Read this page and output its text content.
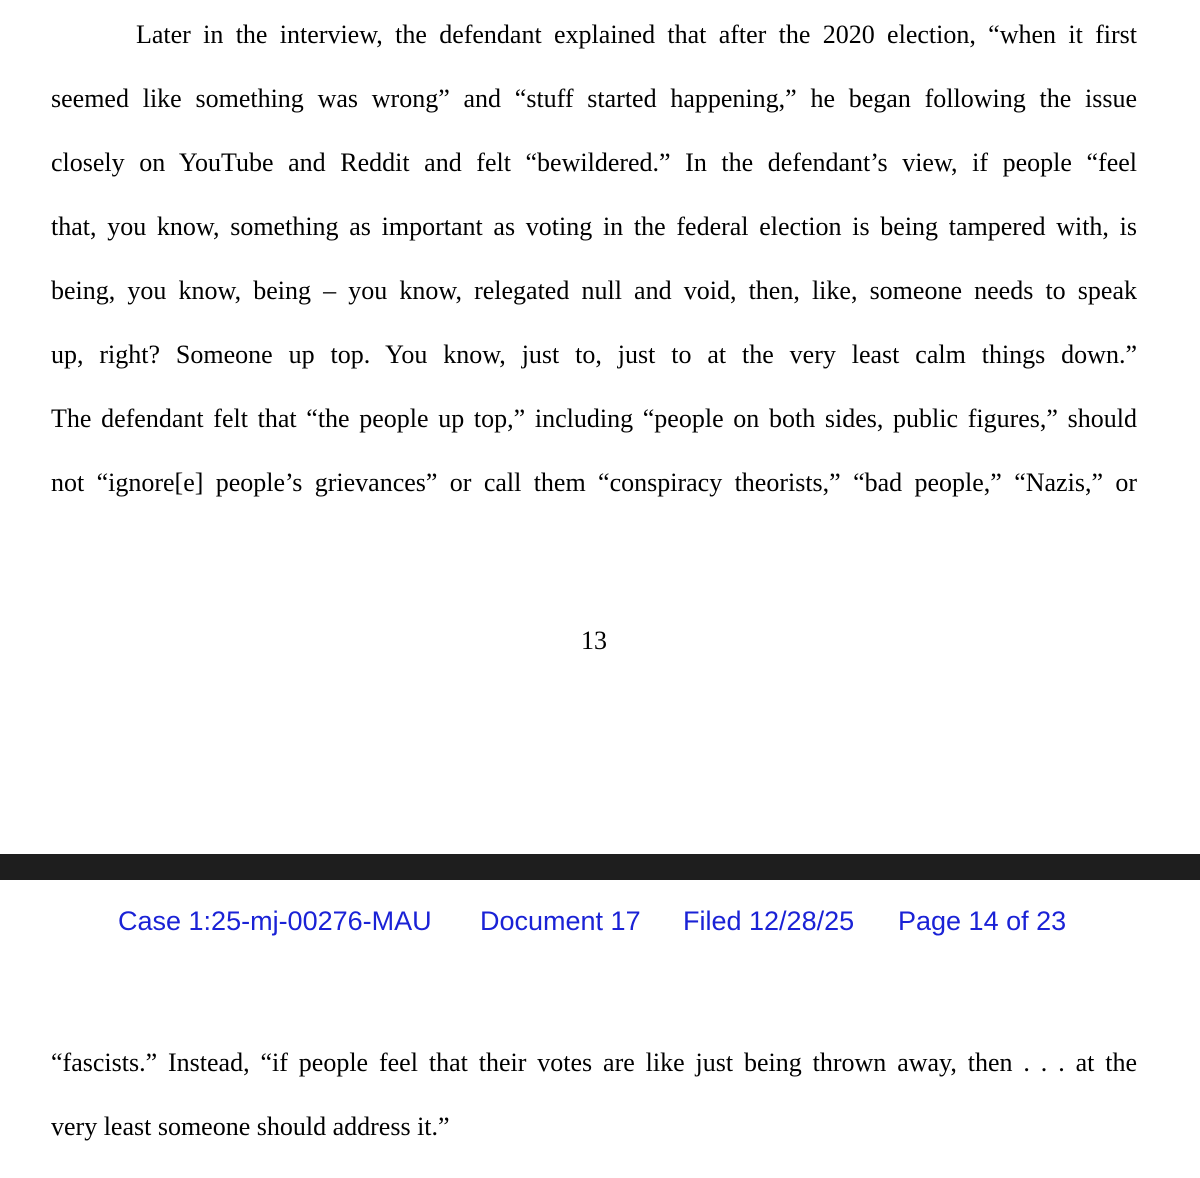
Later in the interview, the defendant explained that after the 2020 election, “when it first
seemed like something was wrong” and “stuff started happening,” he began following the issue
closely on YouTube and Reddit and felt “bewildered.” In the defendant’s view, if people “feel
that, you know, something as important as voting in the federal election is being tampered with, is
being, you know, being – you know, relegated null and void, then, like, someone needs to speak
up, right? Someone up top. You know, just to, just to at the very least calm things down.”
The defendant felt that “the people up top,” including “people on both sides, public figures,” should
not “ignore[e] people’s grievances” or call them “conspiracy theorists,” “bad people,” “Nazis,” or
13
Case 1:25-mj-00276-MAU Document 17 Filed 12/28/25 Page 14 of 23
“fascists.” Instead, “if people feel that their votes are like just being thrown away, then . . . at the
very least someone should address it.”
